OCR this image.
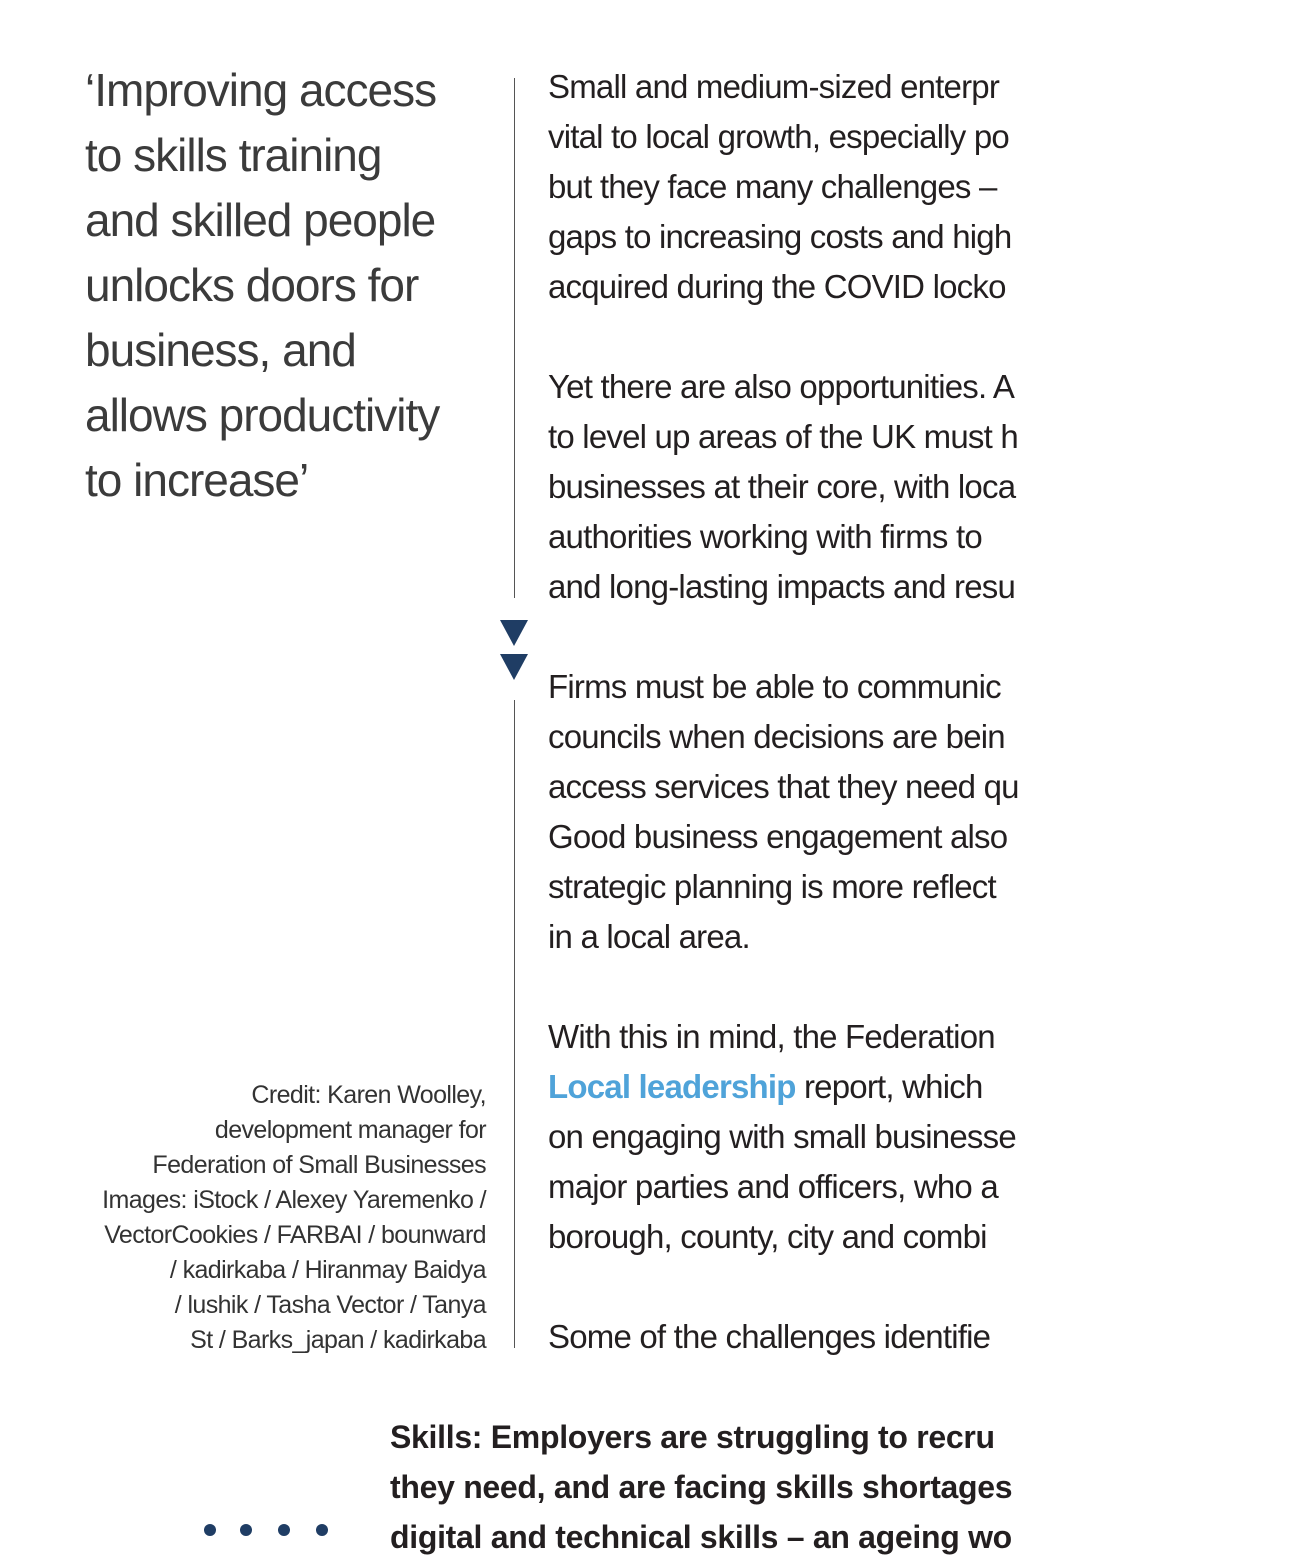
‘Improving access
to skills training
and skilled people
unlocks doors for
business, and
allows productivity
to increase’
Credit: Karen Woolley,
development manager for
Federation of Small Businesses
Images: iStock / Alexey Yaremenko /
VectorCookies / FARBAI / bounward
/ kadirkaba / Hiranmay Baidya
/ lushik / Tasha Vector / Tanya
St / Barks_japan / kadirkaba

Small and medium-sized enterpr
vital to local growth, especially po
but they face many challenges –
gaps to increasing costs and high
acquired during the COVID locko

Yet there are also opportunities. A
to level up areas of the UK must h
businesses at their core, with loca
authorities working with firms to
and long-lasting impacts and resu

Firms must be able to communic
councils when decisions are bein
access services that they need qu
Good business engagement also
strategic planning is more reflect
in a local area.

With this in mind, the Federation
Local leadership report, which
on engaging with small businesse
major parties and officers, who a
borough, county, city and combi

Some of the challenges identifie

Skills: Employers are struggling to recru
they need, and are facing skills shortages
digital and technical skills – an ageing wo
